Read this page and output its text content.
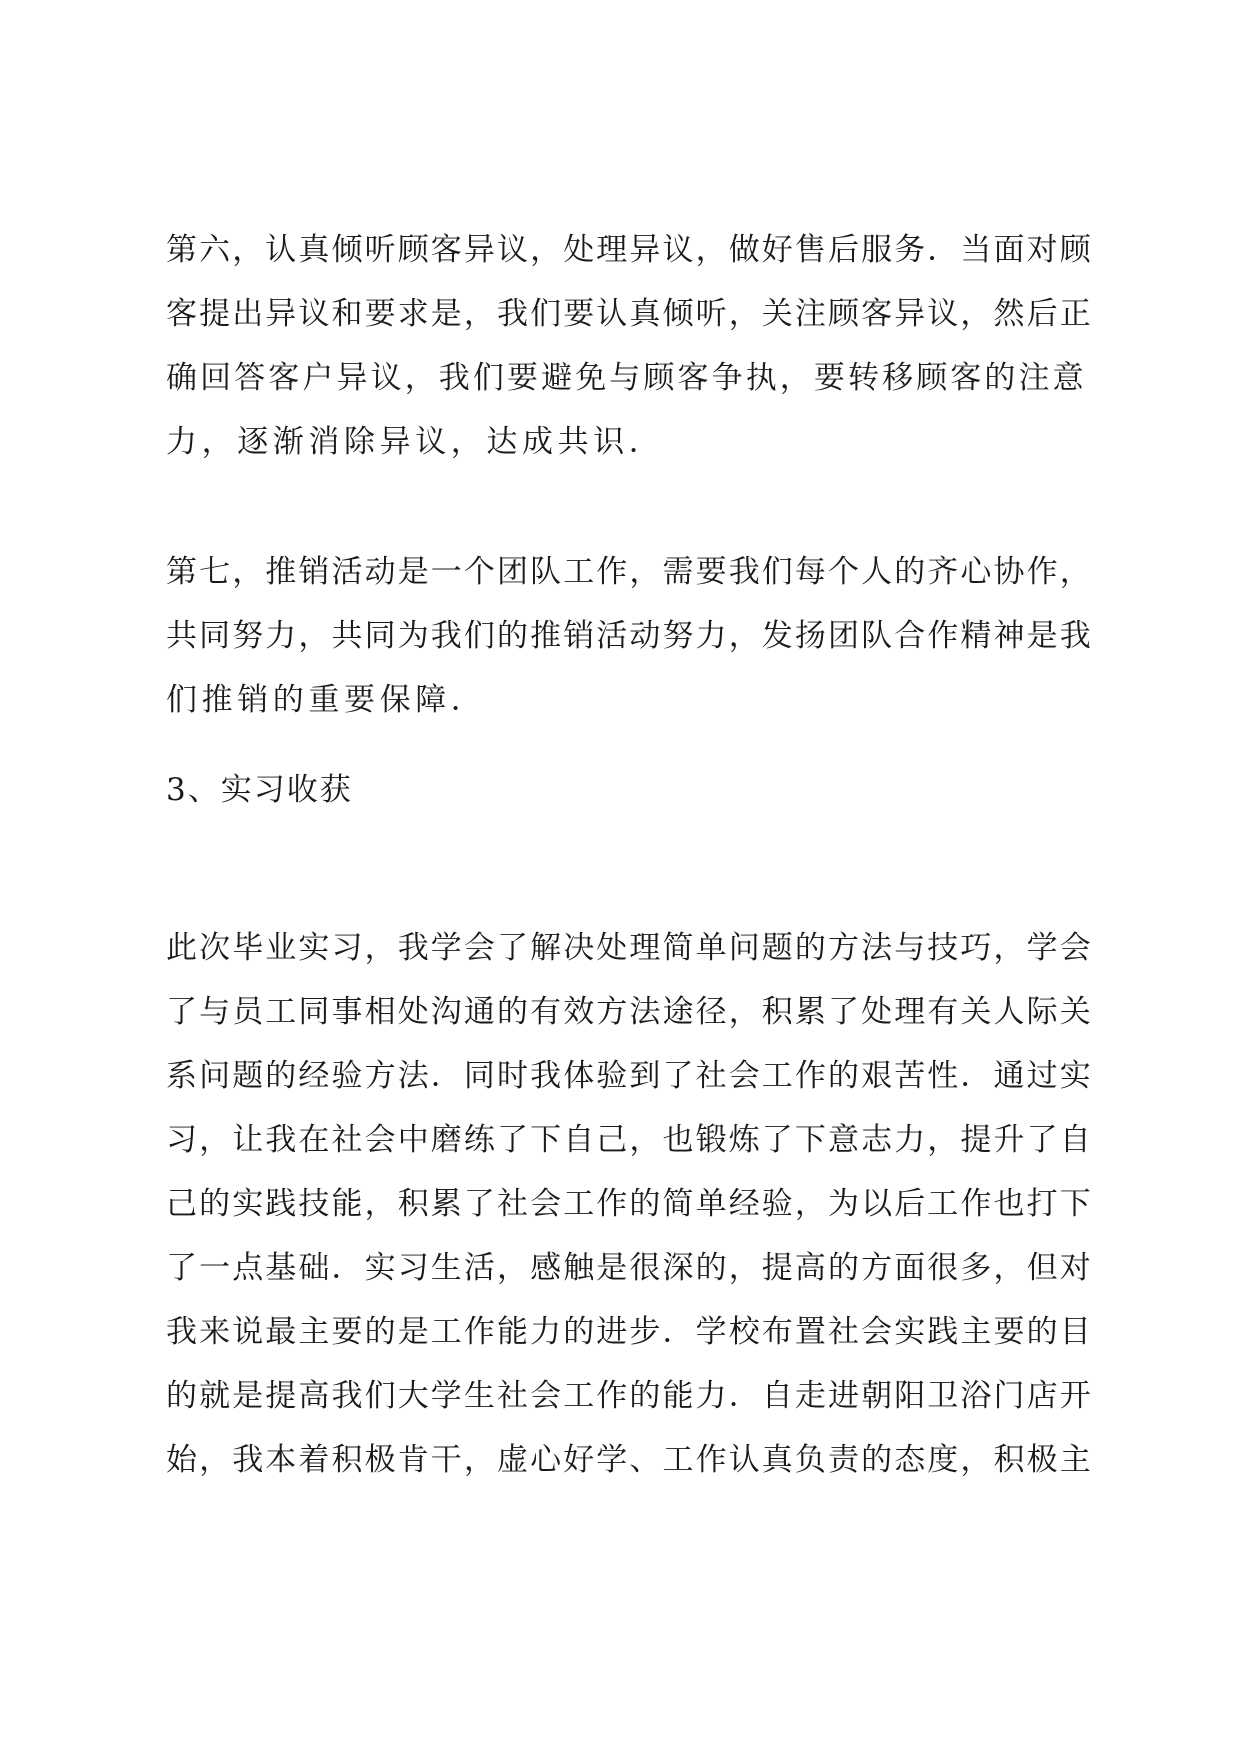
第六，认真倾听顾客异议，处理异议，做好售后服务．当面对顾
客提出异议和要求是，我们要认真倾听，关注顾客异议，然后正
确回答客户异议，我们要避免与顾客争执，要转移顾客的注意
力，逐渐消除异议，达成共识．
第七，推销活动是一个团队工作，需要我们每个人的齐心协作，
共同努力，共同为我们的推销活动努力，发扬团队合作精神是我
们推销的重要保障．
3、实习收获
此次毕业实习，我学会了解决处理简单问题的方法与技巧，学会
了与员工同事相处沟通的有效方法途径，积累了处理有关人际关
系问题的经验方法．同时我体验到了社会工作的艰苦性．通过实
习，让我在社会中磨练了下自己，也锻炼了下意志力，提升了自
己的实践技能，积累了社会工作的简单经验，为以后工作也打下
了一点基础．实习生活，感触是很深的，提高的方面很多，但对
我来说最主要的是工作能力的进步．学校布置社会实践主要的目
的就是提高我们大学生社会工作的能力．自走进朝阳卫浴门店开
始，我本着积极肯干，虚心好学、工作认真负责的态度，积极主
